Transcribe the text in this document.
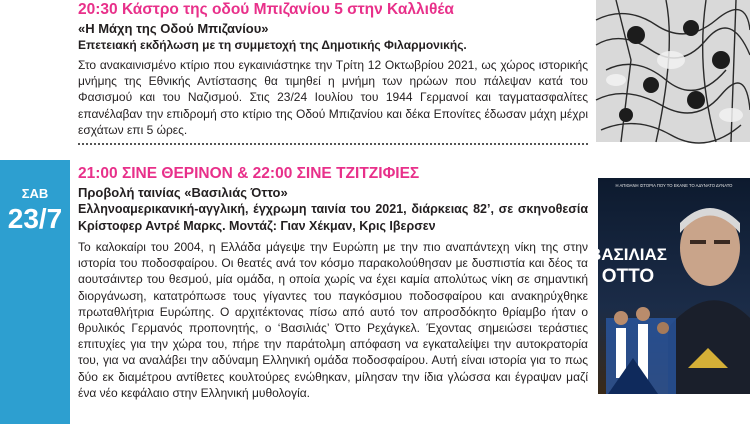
ΣΑΒ
23/7
20:30 Κάστρο της οδού Μπιζανίου 5 στην Καλλιθέα
«Η Μάχη της Οδού Μπιζανίου»
Επετειακή εκδήλωση με τη συμμετοχή της Δημοτικής Φιλαρμονικής.
Στο ανακαινισμένο κτίριο που εγκαινιάστηκε την Τρίτη 12 Οκτωβρίου 2021, ως χώρος ιστορικής μνήμης της Εθνικής Αντίστασης θα τιμηθεί η μνήμη των ηρώων που πάλεψαν κατά του Φασισμού και του Ναζισμού. Στις 23/24 Ιουλίου του 1944 Γερμανοί και ταγματασφαλίτες επανέλαβαν την επιδρομή στο κτίριο της Οδού Μπιζανίου και δέκα Επονίτες έδωσαν μάχη μέχρι εσχάτων επι 5 ώρες.
21:00 ΣΙΝΕ ΘΕΡΙΝΟΝ & 22:00 ΣΙΝΕ ΤΖΙΤΖΙΦΙΕΣ
Προβολή ταινίας «Βασιλιάς Όττο»
Ελληνοαμερικανική-αγγλική, έγχρωμη ταινία του 2021, διάρκειας 82’, σε σκηνοθεσία Κρίστοφερ Αντρέ Μαρκς. Μοντάζ: Γιαν Χέκμαν, Κρις Ιβερσεν
Το καλοκαίρι του 2004, η Ελλάδα μάγεψε την Ευρώπη με την πιο αναπάντεχη νίκη της στην ιστορία του ποδοσφαίρου. Οι θεατές ανά τον κόσμο παρακολούθησαν με δυσπιστία και δέος τα αουτσάιντερ του θεσμού, μία ομάδα, η οποία χωρίς να έχει καμία απολύτως νίκη σε σημαντική διοργάνωση, κατατρόπωσε τους γίγαντες του παγκόσμιου ποδοσφαίρου και ανακηρύχθηκε πρωταθλήτρια Ευρώπης. Ο αρχιτέκτονας πίσω από αυτό τον απροσδόκητο θρίαμβο ήταν ο θρυλικός Γερμανός προπονητής, ο ‘Βασιλιάς’ Όττο Ρεχάγκελ. Έχοντας σημειώσει τεράστιες επιτυχίες για την χώρα του, πήρε την παράτολμη απόφαση να εγκαταλείψει την αυτοκρατορία του, για να αναλάβει την αδύναμη Ελληνική ομάδα ποδοσφαίρου. Αυτή είναι ιστορία για το πως δύο εκ διαμέτρου αντίθετες κουλτούρες ενώθηκαν, μίλησαν την ίδια γλώσσα και έγραψαν μαζί ένα νέο κεφάλαιο στην Ελληνική μυθολογία.
Η ΑΠΙΘΑΝΗ ΙΣΤΟΡΙΑ ΠΟΥ ΤΟ ΕΚΑΝΕ ΤΟ ΑΔΥΝΑΤΟ ΔΥΝΑΤΟ
ΒΑΣΙΛΙΑΣ
ΟΤΤΟ
